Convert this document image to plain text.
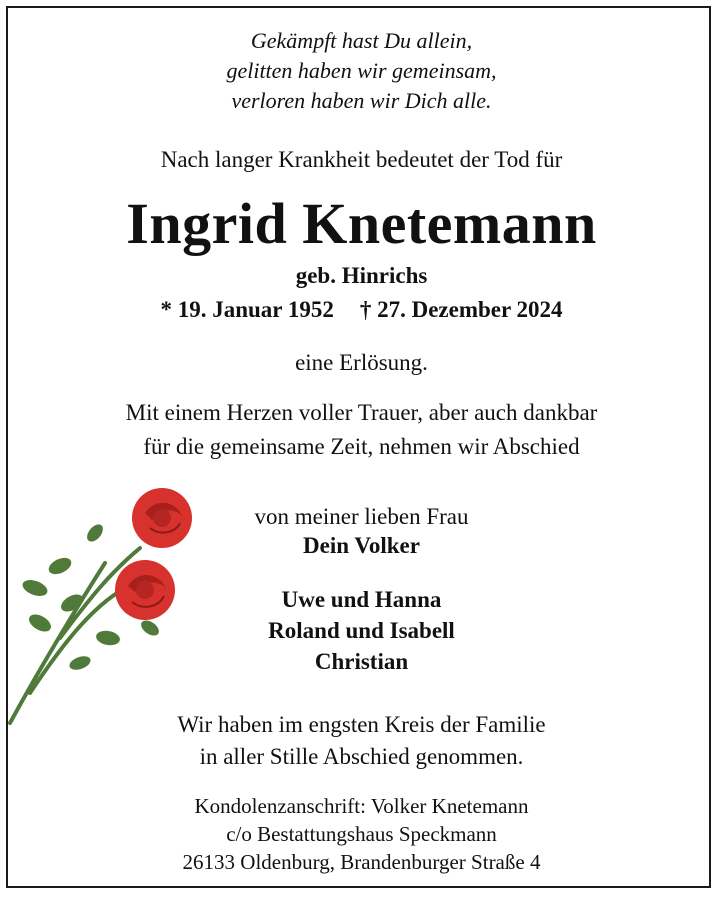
Gekämpft hast Du allein,
gelitten haben wir gemeinsam,
verloren haben wir Dich alle.
Nach langer Krankheit bedeutet der Tod für
Ingrid Knetemann
geb. Hinrichs
* 19. Januar 1952 † 27. Dezember 2024
eine Erlösung.
Mit einem Herzen voller Trauer, aber auch dankbar
für die gemeinsame Zeit, nehmen wir Abschied
von meiner lieben Frau
Dein Volker
Uwe und Hanna
Roland und Isabell
Christian
Wir haben im engsten Kreis der Familie
in aller Stille Abschied genommen.
Kondolenzanschrift: Volker Knetemann
c/o Bestattungshaus Speckmann
26133 Oldenburg, Brandenburger Straße 4
